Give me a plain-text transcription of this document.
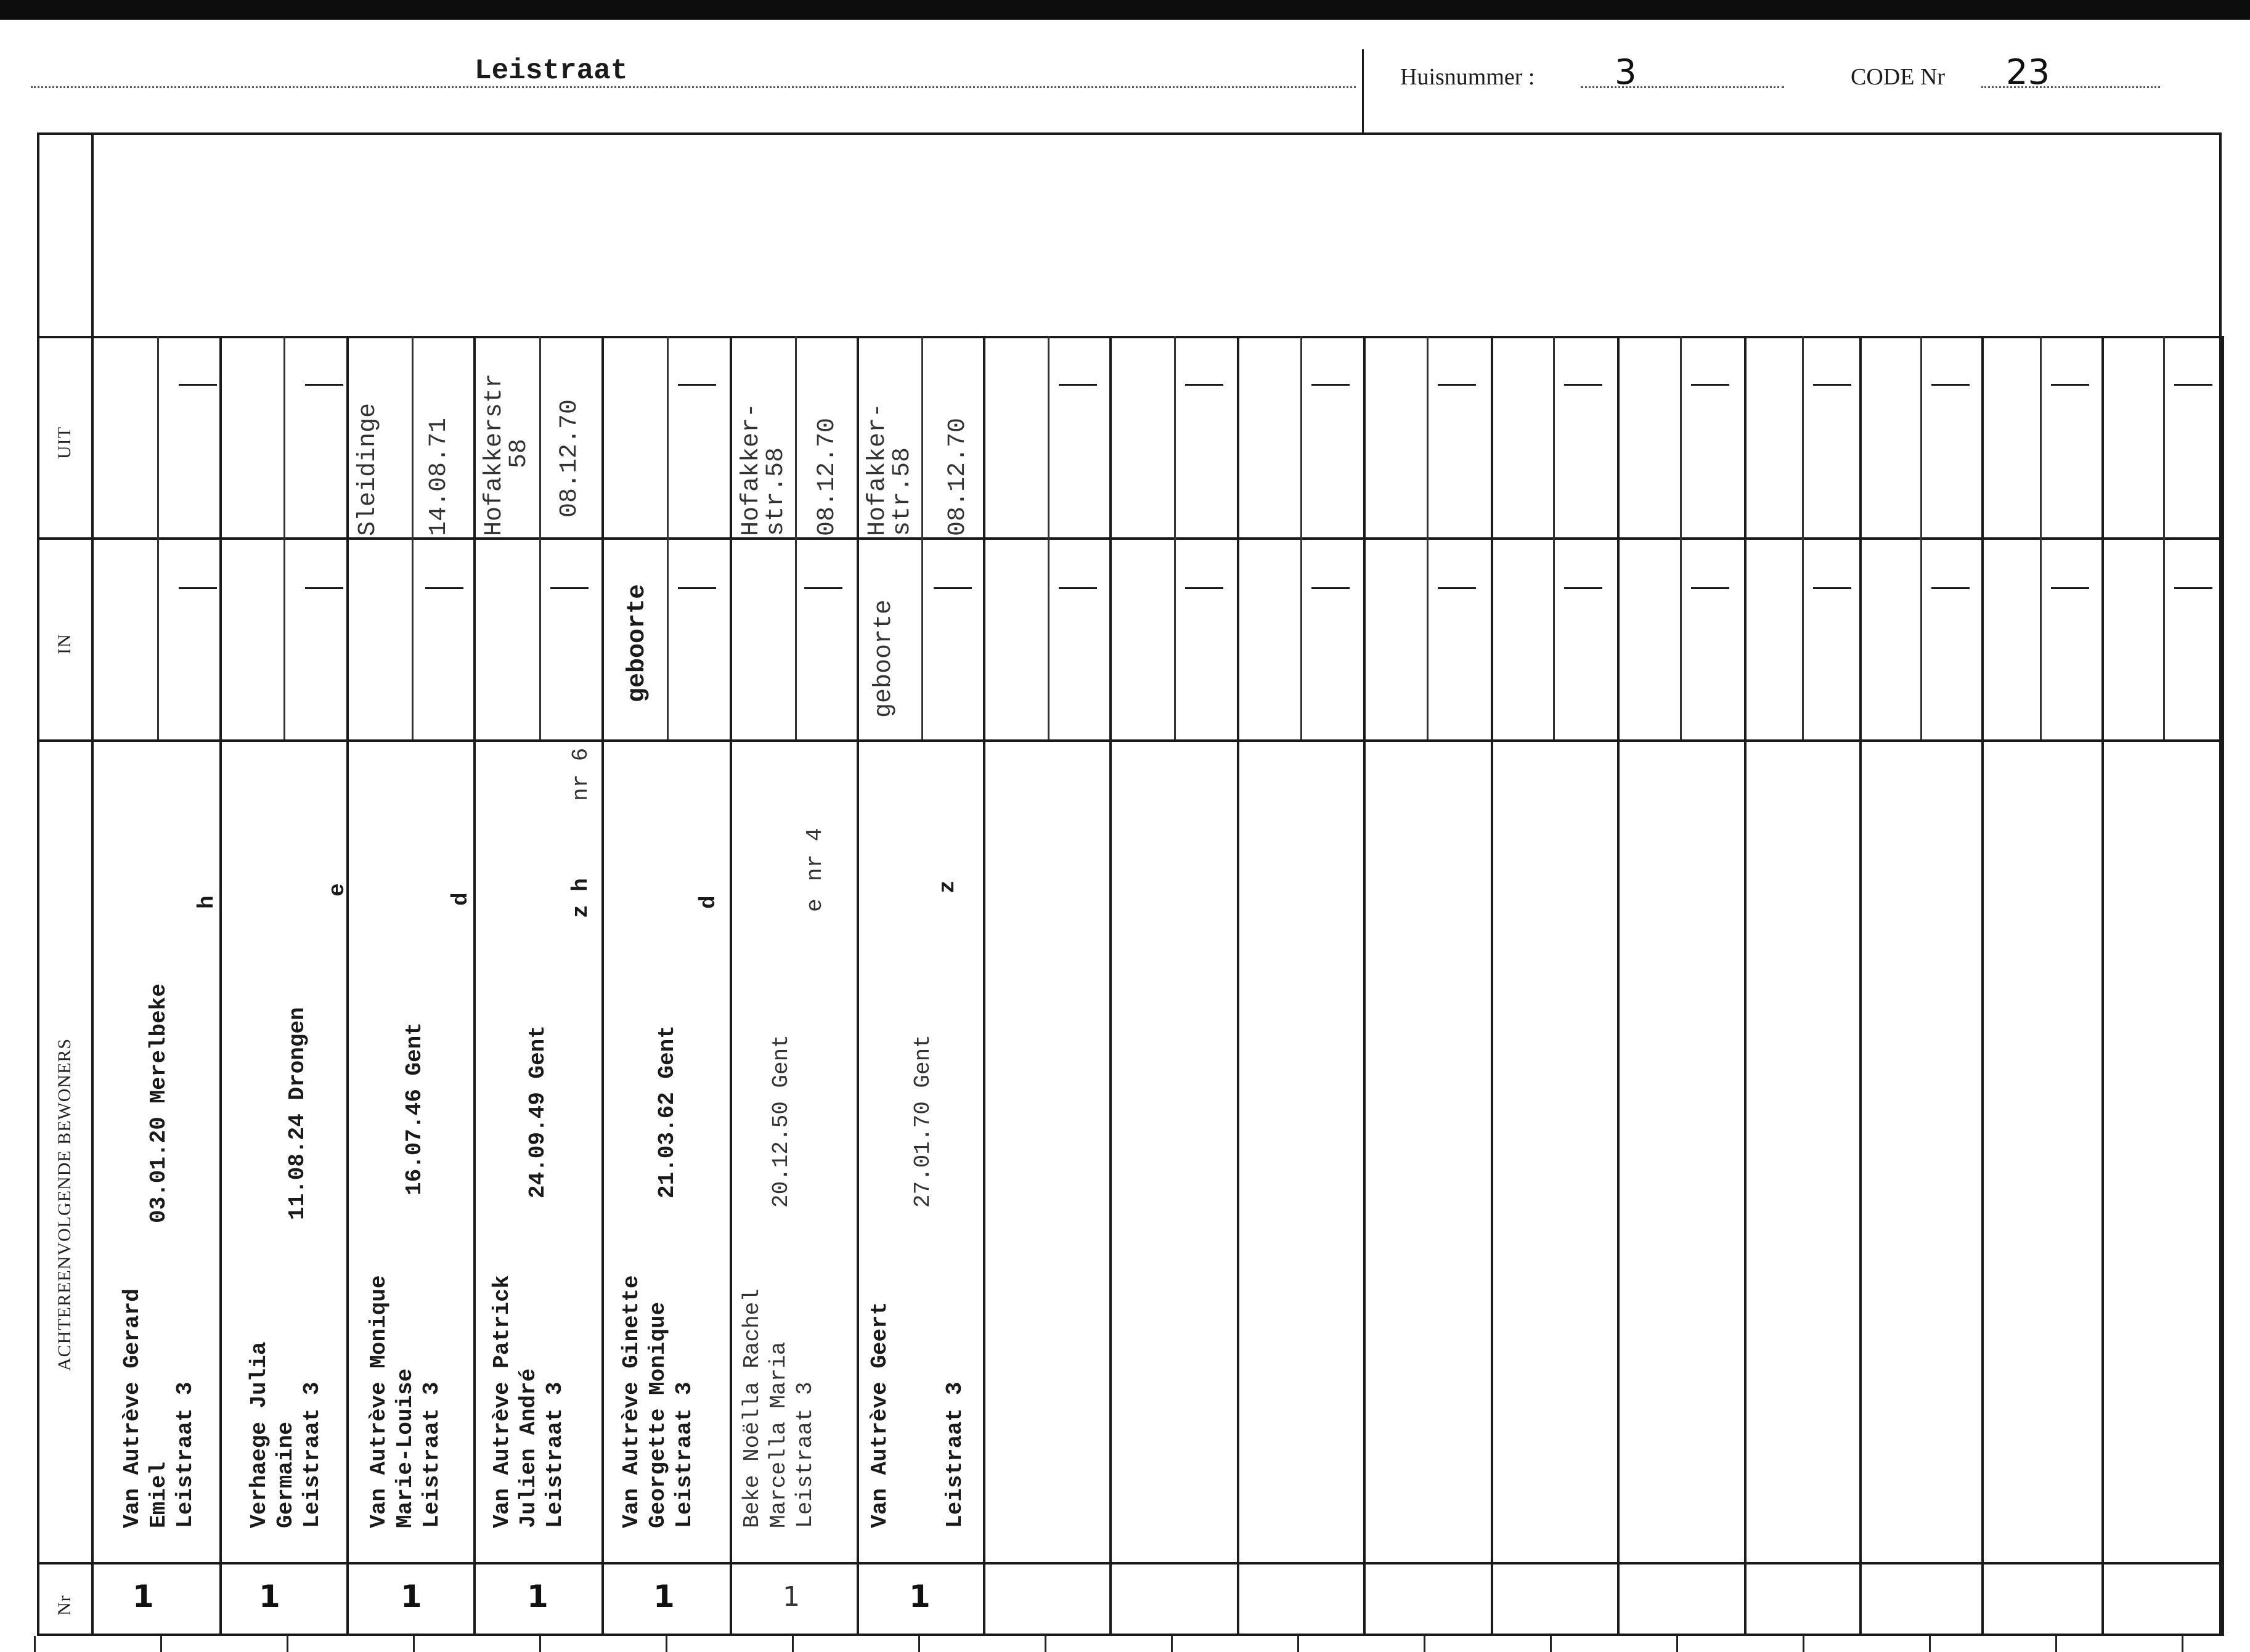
Leistraat	Huisnummer : 3	CODE Nr 23
UIT
IN
ACHTEREENVOLGENDE BEWONERS
Nr
Van Autrève Gerard Emiel Leistraat 3
03.01.20 Merelbeke
h
1
Verhaege Julia Germaine Leistraat 3
11.08.24 Drongen
e
1
Van Autrève Monique Marie-Louise Leistraat 3
16.07.46 Gent
d
Sleidinge 14.08.71
1
Van Autrève Patrick Julien André Leistraat 3
24.09.49 Gent
z h
nr 6
Hofakkerstr
58 08.12.70
1
Van Autrève Ginette Georgette Monique Leistraat 3
21.03.62 Gent
d
geboorte
1
Beke Noëlla Rachel Marcella Maria Leistraat 3
20.12.50 Gent
e
nr 4
Hofakker-
str.58 08.12.70
1
Van Autrève Geert Leistraat 3
27.01.70 Gent
z
geboorte
Hofakker-
str.58 08.12.70
1
